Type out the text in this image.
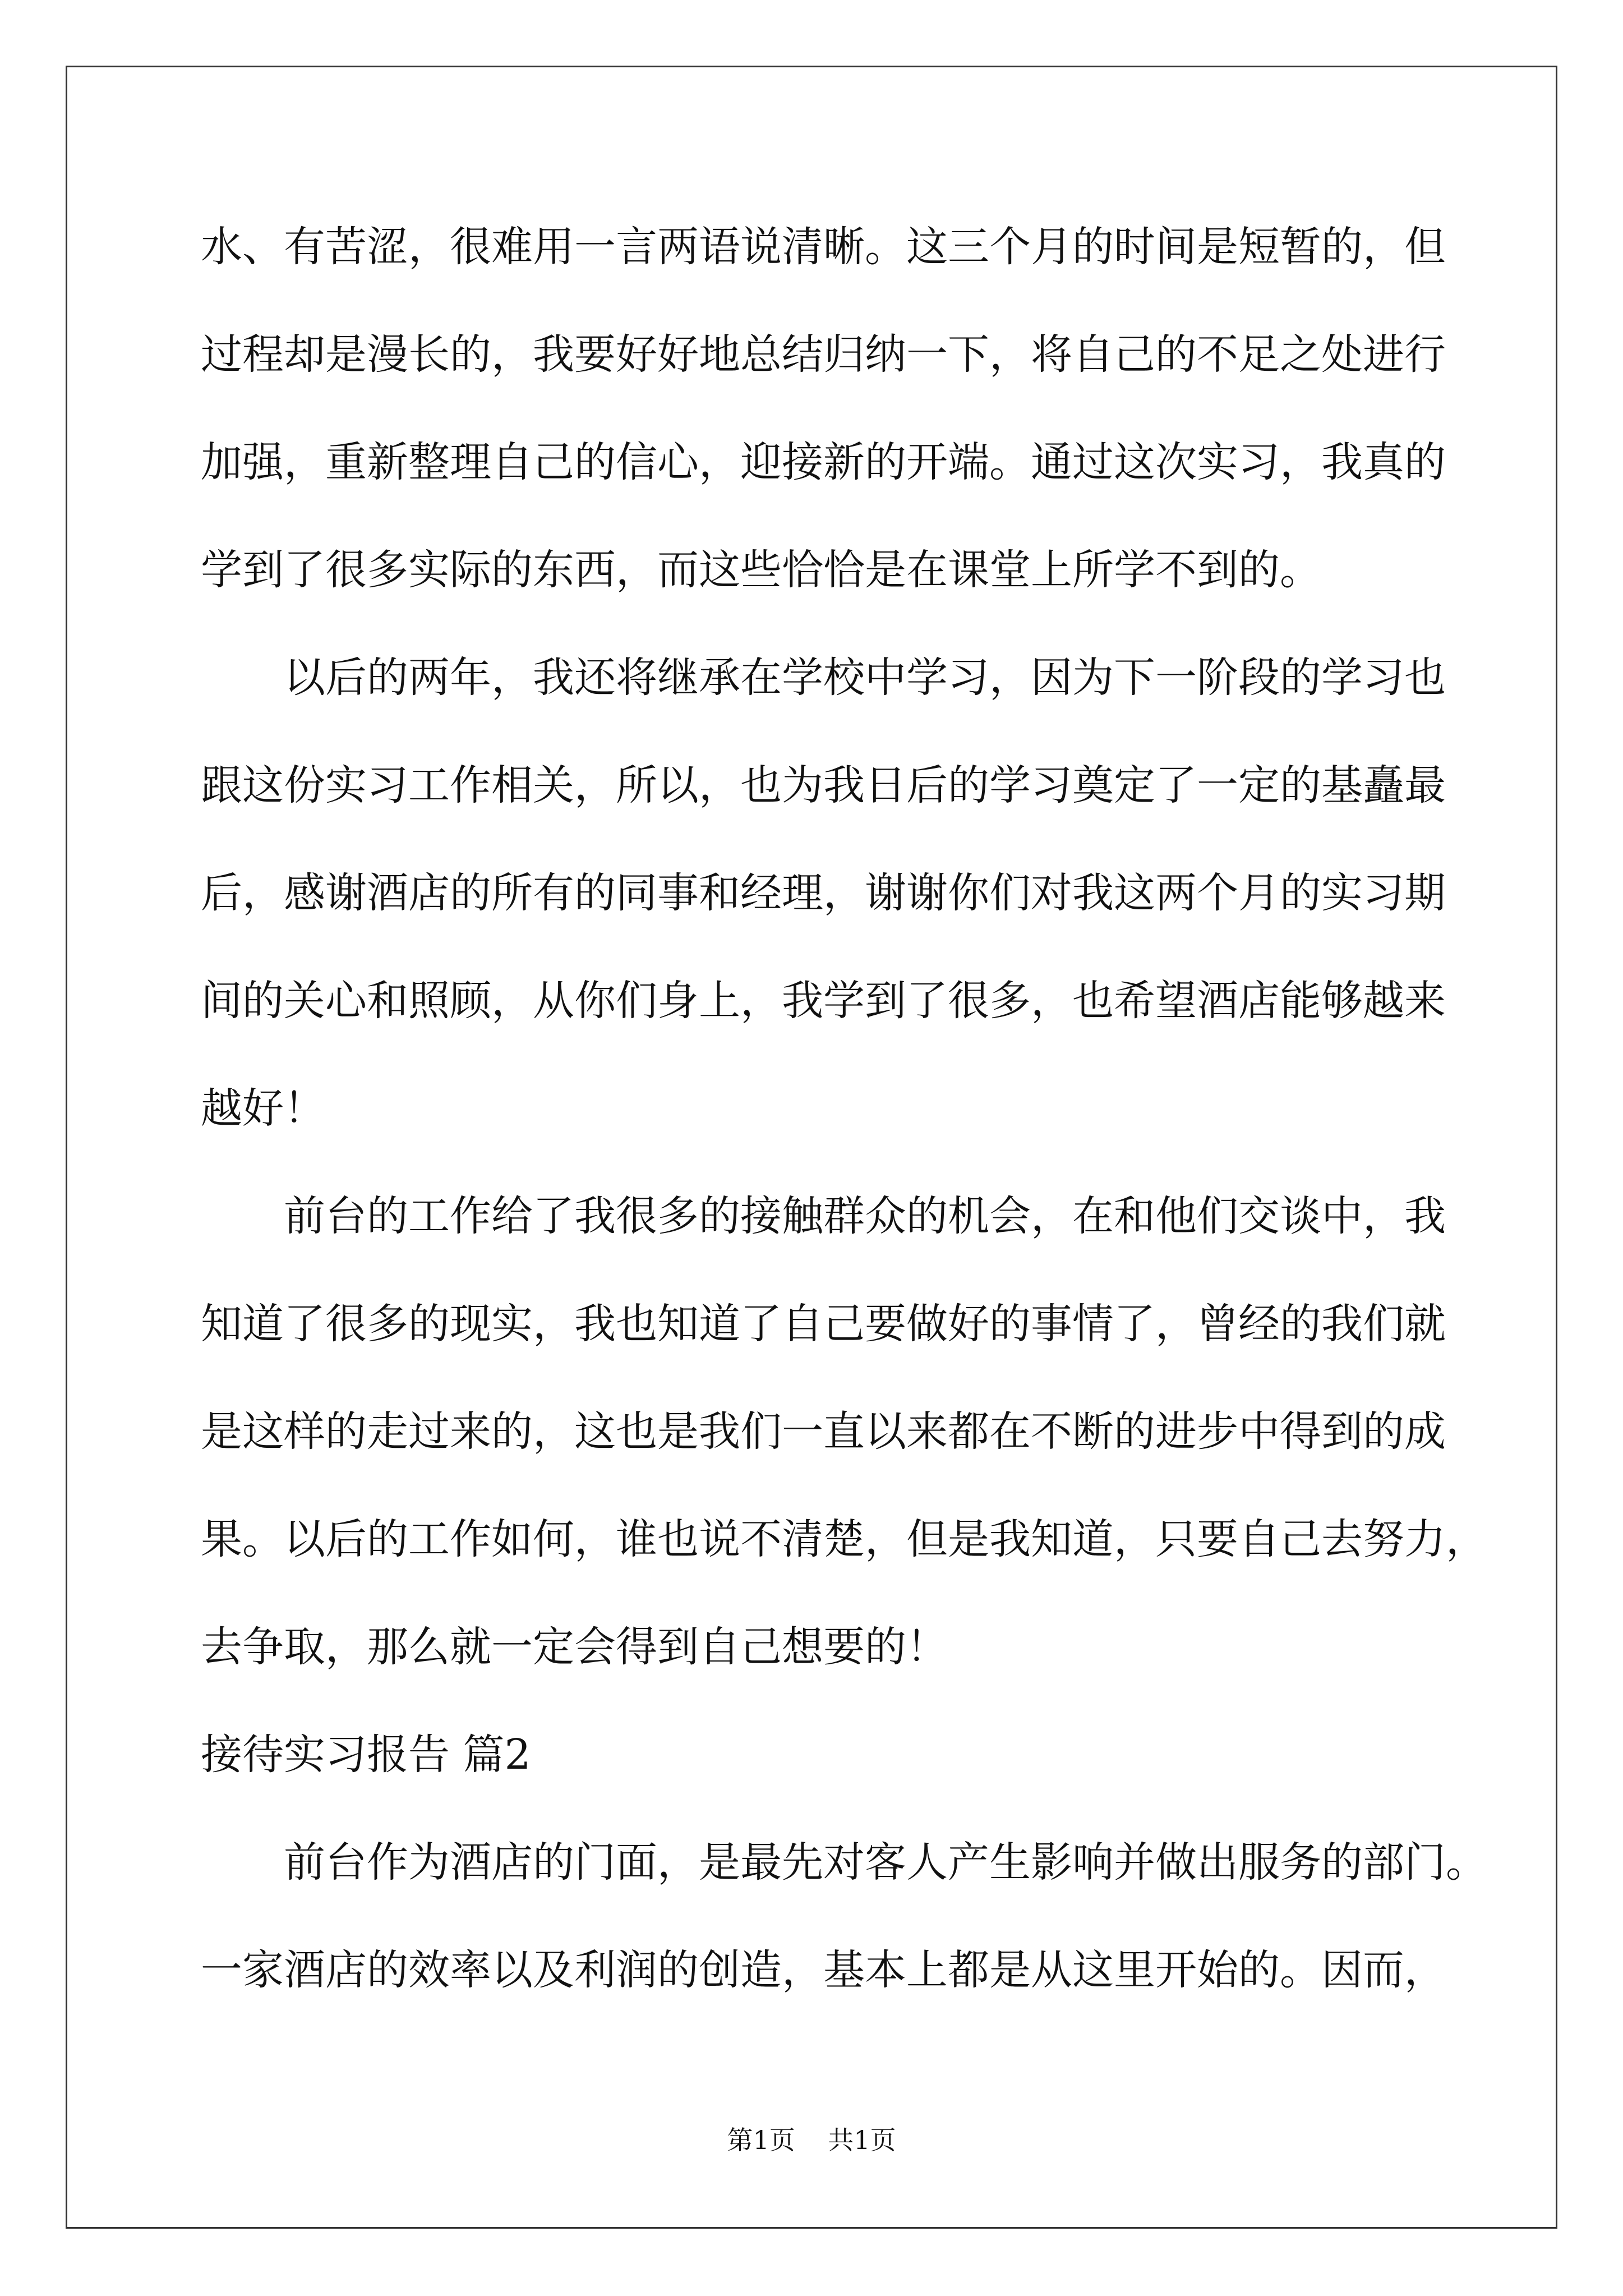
水、有苦涩，很难用一言两语说清晰。这三个月的时间是短暂的，但
过程却是漫长的，我要好好地总结归纳一下，将自己的不足之处进行
加强，重新整理自己的信心，迎接新的开端。通过这次实习，我真的
学到了很多实际的东西，而这些恰恰是在课堂上所学不到的。
以后的两年，我还将继承在学校中学习，因为下一阶段的学习也
跟这份实习工作相关，所以，也为我日后的学习奠定了一定的基矗最
后，感谢酒店的所有的同事和经理，谢谢你们对我这两个月的实习期
间的关心和照顾，从你们身上，我学到了很多，也希望酒店能够越来
越好！
前台的工作给了我很多的接触群众的机会，在和他们交谈中，我
知道了很多的现实，我也知道了自己要做好的事情了，曾经的我们就
是这样的走过来的，这也是我们一直以来都在不断的进步中得到的成
果。以后的工作如何，谁也说不清楚，但是我知道，只要自己去努力，
去争取，那么就一定会得到自己想要的！
接待实习报告 篇2
前台作为酒店的门面，是最先对客人产生影响并做出服务的部门。
一家酒店的效率以及利润的创造，基本上都是从这里开始的。因而，
第1页 共1页
